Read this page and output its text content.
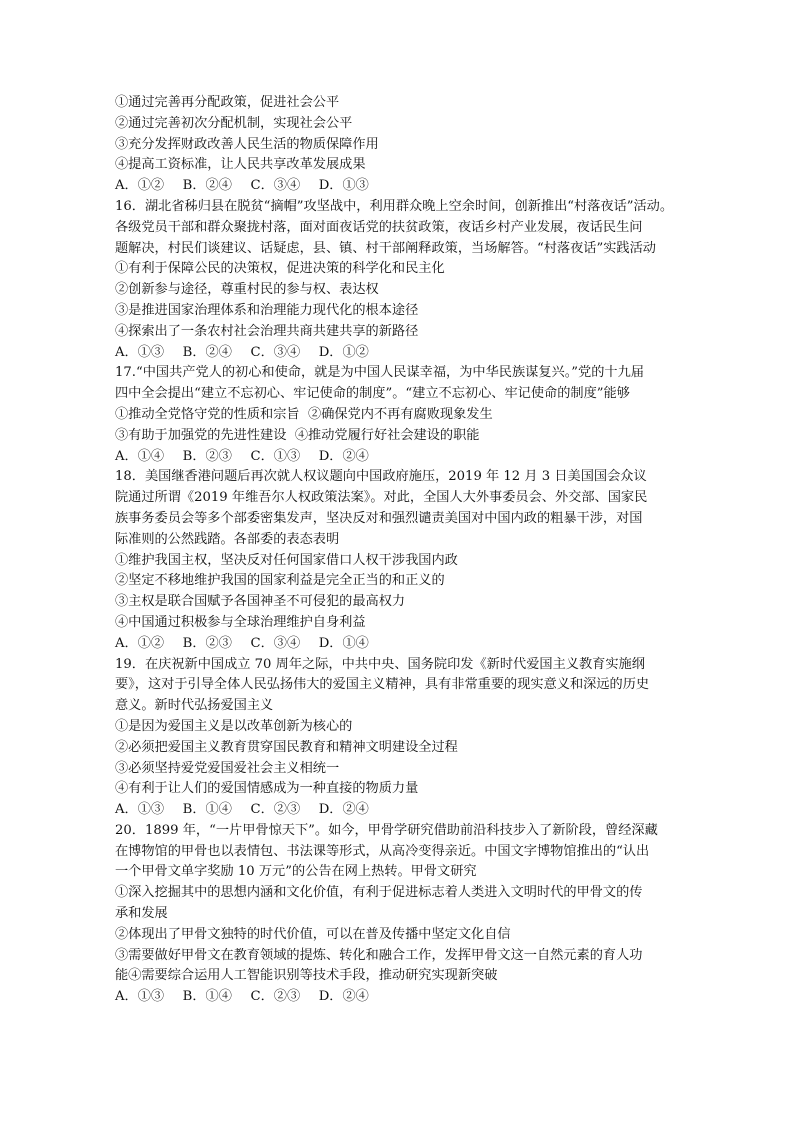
①通过完善再分配政策，促进社会公平
②通过完善初次分配机制，实现社会公平
③充分发挥财政改善人民生活的物质保障作用
④提高工资标准，让人民共享改革发展成果
A．①②   B．②④   C．③④   D．①③
16．湖北省秭归县在脱贫“摘帽”攻坚战中，利用群众晚上空余时间，创新推出“村落夜话”活动。
各级党员干部和群众聚拢村落，面对面夜话党的扶贫政策，夜话乡村产业发展，夜话民生问
题解决，村民们谈建议、话疑虑，县、镇、村干部阐释政策，当场解答。“村落夜话”实践活动
①有利于保障公民的决策权，促进决策的科学化和民主化
②创新参与途径，尊重村民的参与权、表达权
③是推进国家治理体系和治理能力现代化的根本途径
④探索出了一条农村社会治理共商共建共享的新路径
A．①③   B．②④   C．③④   D．①②
17.“中国共产党人的初心和使命，就是为中国人民谋幸福，为中华民族谋复兴。”党的十九届
四中全会提出“建立不忘初心、牢记使命的制度”。“建立不忘初心、牢记使命的制度”能够
①推动全党恪守党的性质和宗旨  ②确保党内不再有腐败现象发生
③有助于加强党的先进性建设  ④推动党履行好社会建设的职能
A．①④   B．②③   C．①③   D．②④
18．美国继香港问题后再次就人权议题向中国政府施压，2019 年 12 月 3 日美国国会众议
院通过所谓《2019 年维吾尔人权政策法案》。对此，全国人大外事委员会、外交部、国家民
族事务委员会等多个部委密集发声，坚决反对和强烈谴责美国对中国内政的粗暴干涉，对国
际准则的公然践踏。各部委的表态表明
①维护我国主权，坚决反对任何国家借口人权干涉我国内政
②坚定不移地维护我国的国家利益是完全正当的和正义的
③主权是联合国赋予各国神圣不可侵犯的最高权力
④中国通过积极参与全球治理维护自身利益
A．①②   B．②③   C．③④   D．①④
19．在庆祝新中国成立 70 周年之际，中共中央、国务院印发《新时代爱国主义教育实施纲
要》，这对于引导全体人民弘扬伟大的爱国主义精神，具有非常重要的现实意义和深远的历史
意义。新时代弘扬爱国主义
①是因为爱国主义是以改革创新为核心的
②必须把爱国主义教育贯穿国民教育和精神文明建设全过程
③必须坚持爱党爱国爱社会主义相统一
④有利于让人们的爱国情感成为一种直接的物质力量
A．①③   B．①④   C．②③   D．②④
20．1899 年，“一片甲骨惊天下”。如今，甲骨学研究借助前沿科技步入了新阶段，曾经深藏
在博物馆的甲骨也以表情包、书法课等形式，从高冷变得亲近。中国文字博物馆推出的“认出
一个甲骨文单字奖励 10 万元”的公告在网上热转。甲骨文研究
①深入挖掘其中的思想内涵和文化价值，有利于促进标志着人类进入文明时代的甲骨文的传
承和发展
②体现出了甲骨文独特的时代价值，可以在普及传播中坚定文化自信
③需要做好甲骨文在教育领域的提炼、转化和融合工作，发挥甲骨文这一自然元素的育人功
能④需要综合运用人工智能识别等技术手段，推动研究实现新突破
A．①③   B．①④   C．②③   D．②④
